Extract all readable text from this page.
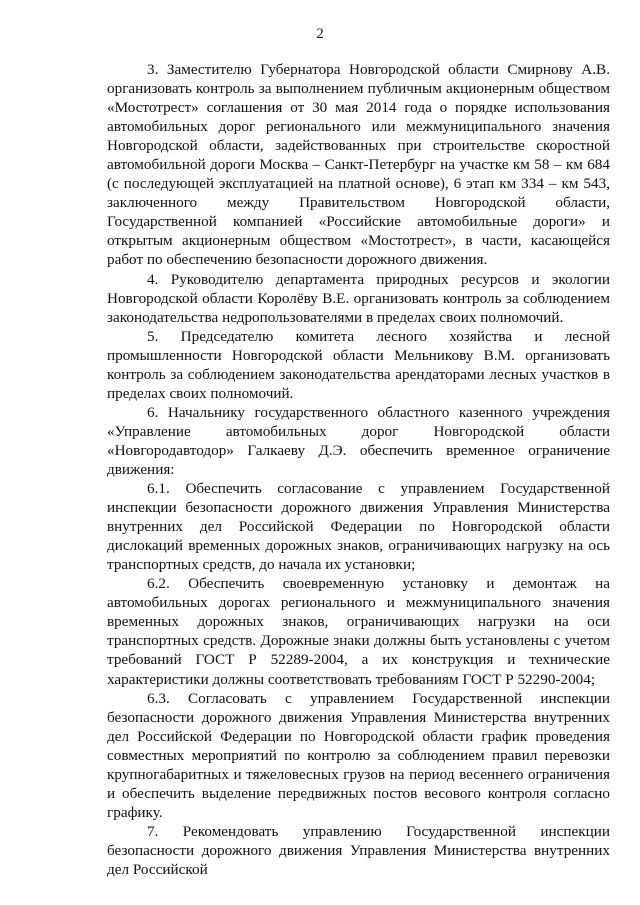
2

3. Заместителю Губернатора Новгородской области Смирнову А.В. организовать контроль за выполнением публичным акционерным обществом «Мостотрест» соглашения от 30 мая 2014 года о порядке использования автомобильных дорог регионального или межмуниципального значения Новгородской области, задействованных при строительстве скоростной автомобильной дороги Москва – Санкт-Петербург на участке км 58 – км 684 (с последующей эксплуатацией на платной основе), 6 этап км 334 – км 543, заключенного между Правительством Новгородской области, Государственной компанией «Российские автомобильные дороги» и открытым акционерным обществом «Мостотрест», в части, касающейся работ по обеспечению безопасности дорожного движения.

4. Руководителю департамента природных ресурсов и экологии Новгородской области Королёву В.Е. организовать контроль за соблюдением законодательства недропользователями в пределах своих полномочий.

5. Председателю комитета лесного хозяйства и лесной промышленности Новгородской области Мельникову В.М. организовать контроль за соблюдением законодательства арендаторами лесных участков в пределах своих полномочий.

6. Начальнику государственного областного казенного учреждения «Управление автомобильных дорог Новгородской области «Новгородавтодор» Галкаеву Д.Э. обеспечить временное ограничение движения:

6.1. Обеспечить согласование с управлением Государственной инспекции безопасности дорожного движения Управления Министерства внутренних дел Российской Федерации по Новгородской области дислокаций временных дорожных знаков, ограничивающих нагрузку на ось транспортных средств, до начала их установки;

6.2. Обеспечить своевременную установку и демонтаж на автомобильных дорогах регионального и межмуниципального значения временных дорожных знаков, ограничивающих нагрузки на оси транспортных средств. Дорожные знаки должны быть установлены с учетом требований ГОСТ Р 52289-2004, а их конструкция и технические характеристики должны соответствовать требованиям ГОСТ Р 52290-2004;

6.3. Согласовать с управлением Государственной инспекции безопасности дорожного движения Управления Министерства внутренних дел Российской Федерации по Новгородской области график проведения совместных мероприятий по контролю за соблюдением правил перевозки крупногабаритных и тяжеловесных грузов на период весеннего ограничения и обеспечить выделение передвижных постов весового контроля согласно графику.

7. Рекомендовать управлению Государственной инспекции безопасности дорожного движения Управления Министерства внутренних дел Российской
